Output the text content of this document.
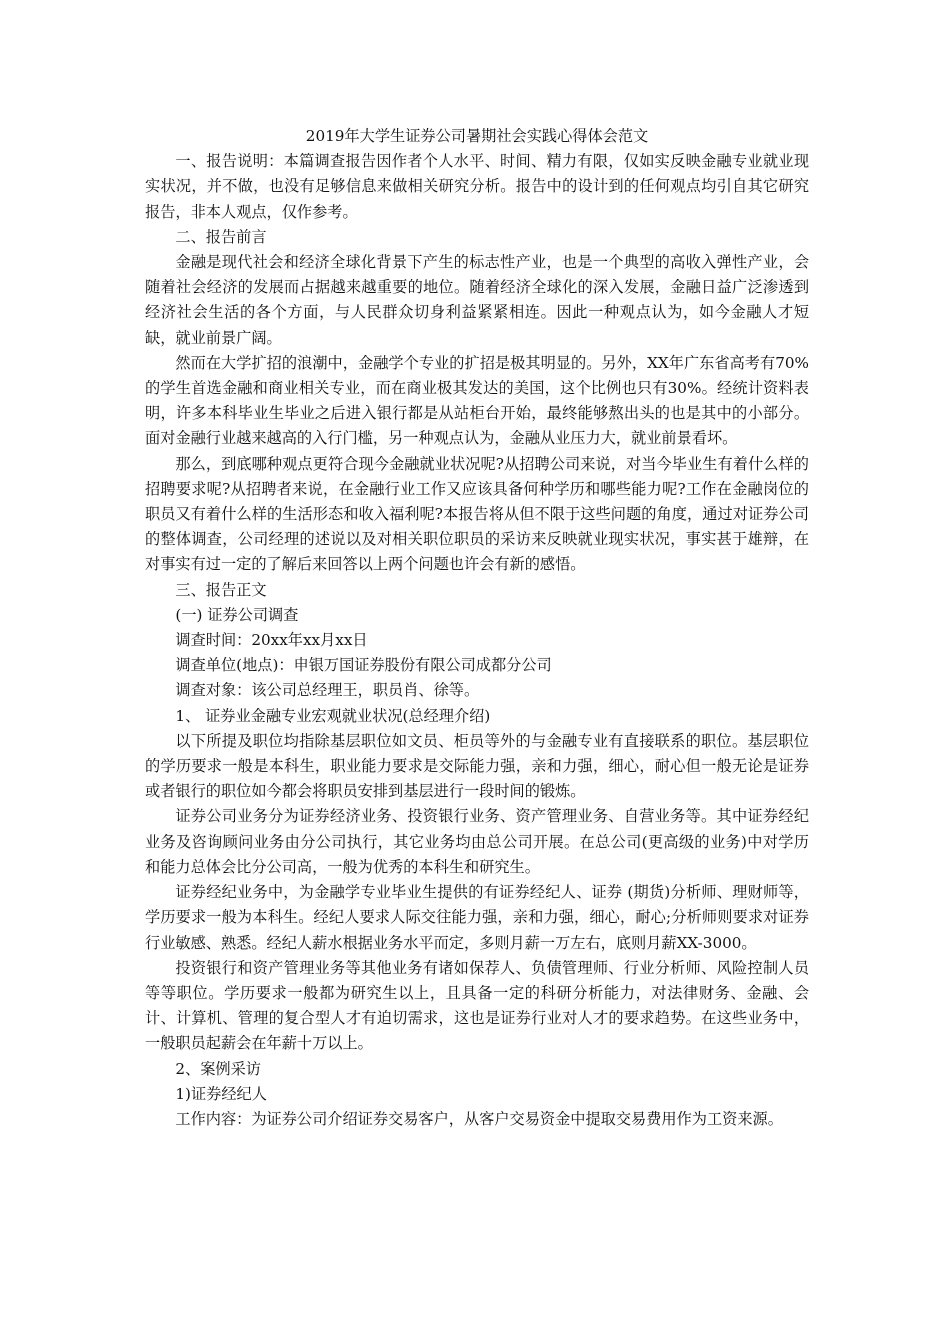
2019年大学生证券公司暑期社会实践心得体会范文

一、报告说明：本篇调查报告因作者个人水平、时间、精力有限，仅如实反映金融专业就业现实状况，并不做，也没有足够信息来做相关研究分析。报告中的设计到的任何观点均引自其它研究报告，非本人观点，仅作参考。

二、报告前言

金融是现代社会和经济全球化背景下产生的标志性产业，也是一个典型的高收入弹性产业，会随着社会经济的发展而占据越来越重要的地位。随着经济全球化的深入发展，金融日益广泛渗透到经济社会生活的各个方面，与人民群众切身利益紧紧相连。因此一种观点认为，如今金融人才短缺，就业前景广阔。

然而在大学扩招的浪潮中，金融学个专业的扩招是极其明显的。另外，XX年广东省高考有70%的学生首选金融和商业相关专业，而在商业极其发达的美国，这个比例也只有30%。经统计资料表明，许多本科毕业生毕业之后进入银行都是从站柜台开始，最终能够熬出头的也是其中的小部分。面对金融行业越来越高的入行门槛，另一种观点认为，金融从业压力大，就业前景看坏。

那么，到底哪种观点更符合现今金融就业状况呢?从招聘公司来说，对当今毕业生有着什么样的 招聘要求呢?从招聘者来说，在金融行业工作又应该具备何种学历和哪些能力呢?工作在金融岗位的职员又有着什么样的生活形态和收入福利呢?本报告将从但不限于这些问题的角度，通过对证券公司的整体调查，公司经理的述说以及对相关职位职员的采访来反映就业现实状况，事实甚于雄辩，在对事实有过一定的了解后来回答以上两个问题也许会有新的感悟。

三、报告正文

(一) 证券公司调查

调查时间：20xx年xx月xx日

调查单位(地点)：申银万国证券股份有限公司成都分公司

调查对象：该公司总经理王，职员肖、徐等。

1、 证券业金融专业宏观就业状况(总经理介绍)

以下所提及职位均指除基层职位如文员、柜员等外的与金融专业有直接联系的职位。基层职位的学历要求一般是本科生，职业能力要求是交际能力强，亲和力强，细心，耐心但一般无论是证券或者银行的职位如今都会将职员安排到基层进行一段时间的锻炼。

证券公司业务分为证券经济业务、投资银行业务、资产管理业务、自营业务等。其中证券经纪业务及咨询顾问业务由分公司执行，其它业务均由总公司开展。在总公司(更高级的业务)中对学历和能力总体会比分公司高，一般为优秀的本科生和研究生。

证券经纪业务中，为金融学专业毕业生提供的有证券经纪人、证券 (期货)分析师、理财师等，学历要求一般为本科生。经纪人要求人际交往能力强，亲和力强，细心，耐心;分析师则要求对证券行业敏感、熟悉。经纪人薪水根据业务水平而定，多则月薪一万左右，底则月薪XX-3000。

投资银行和资产管理业务等其他业务有诸如保荐人、负债管理师、行业分析师、风险控制人员等等职位。学历要求一般都为研究生以上，且具备一定的科研分析能力，对法律财务、金融、会计、计算机、管理的复合型人才有迫切需求，这也是证券行业对人才的要求趋势。在这些业务中，一般职员起薪会在年薪十万以上。

2、案例采访

1)证券经纪人

工作内容：为证券公司介绍证券交易客户，从客户交易资金中提取交易费用作为工资来源。
